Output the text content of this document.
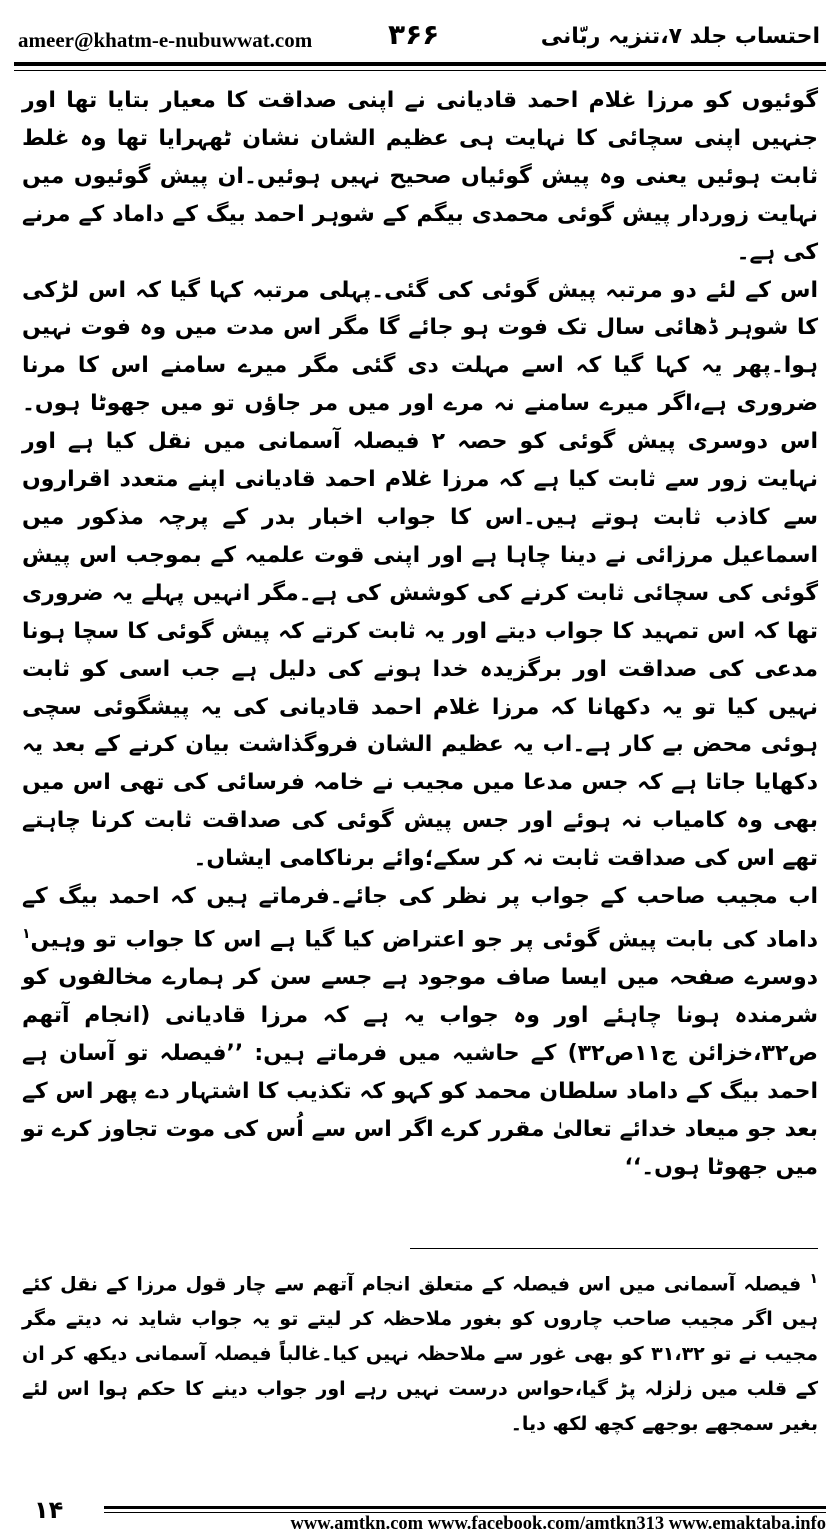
ameer@khatm-e-nubuwwat.com	۳۶۶	احتساب جلد ۷،تنزیہ ربّانی

گوئیوں کو مرزا غلام احمد قادیانی نے اپنی صداقت کا معیار بتایا تھا اور جنہیں اپنی سچائی کا نہایت ہی عظیم الشان نشان ٹھہرایا تھا وہ غلط ثابت ہوئیں یعنی وہ پیش گوئیاں صحیح نہیں ہوئیں۔ان پیش گوئیوں میں نہایت زوردار پیش گوئی محمدی بیگم کے شوہر احمد بیگ کے داماد کے مرنے کی ہے۔

اس کے لئے دو مرتبہ پیش گوئی کی گئی۔پہلی مرتبہ کہا گیا کہ اس لڑکی کا شوہر ڈھائی سال تک فوت ہو جائے گا مگر اس مدت میں وہ فوت نہیں ہوا۔پھر یہ کہا گیا کہ اسے مہلت دی گئی مگر میرے سامنے اس کا مرنا ضروری ہے،اگر میرے سامنے نہ مرے اور میں مر جاؤں تو میں جھوٹا ہوں۔اس دوسری پیش گوئی کو حصہ ۲ فیصلہ آسمانی میں نقل کیا ہے اور نہایت زور سے ثابت کیا ہے کہ مرزا غلام احمد قادیانی اپنے متعدد اقراروں سے کاذب ثابت ہوتے ہیں۔اس کا جواب اخبار بدر کے پرچہ مذکور میں اسماعیل مرزائی نے دینا چاہا ہے اور اپنی قوت علمیہ کے بموجب اس پیش گوئی کی سچائی ثابت کرنے کی کوشش کی ہے۔مگر انہیں پہلے یہ ضروری تھا کہ اس تمہید کا جواب دیتے اور یہ ثابت کرتے کہ پیش گوئی کا سچا ہونا مدعی کی صداقت اور برگزیدہ خدا ہونے کی دلیل ہے جب اسی کو ثابت نہیں کیا تو یہ دکھانا کہ مرزا غلام احمد قادیانی کی یہ پیشگوئی سچی ہوئی محض بے کار ہے۔اب یہ عظیم الشان فروگذاشت بیان کرنے کے بعد یہ دکھایا جاتا ہے کہ جس مدعا میں مجیب نے خامہ فرسائی کی تھی اس میں بھی وہ کامیاب نہ ہوئے اور جس پیش گوئی کی صداقت ثابت کرنا چاہتے تھے اس کی صداقت ثابت نہ کر سکے؛وائے برناکامی ایشاں۔

اب مجیب صاحب کے جواب پر نظر کی جائے۔فرماتے ہیں کہ احمد بیگ کے داماد کی بابت پیش گوئی پر جو اعتراض کیا گیا ہے اس کا جواب تو وہیں$^۱$ دوسرے صفحہ میں ایسا صاف موجود ہے جسے سن کر ہمارے مخالفوں کو شرمندہ ہونا چاہئے اور وہ جواب یہ ہے کہ مرزا قادیانی (انجام آتھم ص۳۲،خزائن ج۱۱ص۳۲) کے حاشیہ میں فرماتے ہیں: ’’فیصلہ تو آسان ہے احمد بیگ کے داماد سلطان محمد کو کہو کہ تکذیب کا اشتہار دے پھر اس کے بعد جو میعاد خدائے تعالیٰ مقرر کرے اگر اس سے اُس کی موت تجاوز کرے تو میں جھوٹا ہوں۔‘‘

$^۱$ فیصلہ آسمانی میں اس فیصلہ کے متعلق انجام آتھم سے چار قول مرزا کے نقل کئے ہیں اگر مجیب صاحب چاروں کو بغور ملاحظہ کر لیتے تو یہ جواب شاید نہ دیتے مگر مجیب نے تو ۳۱،۳۲ کو بھی غور سے ملاحظہ نہیں کیا۔غالباً فیصلہ آسمانی دیکھ کر ان کے قلب میں زلزلہ پڑ گیا،حواس درست نہیں رہے اور جواب دینے کا حکم ہوا اس لئے بغیر سمجھے بوجھے کچھ لکھ دیا۔

۱۴	www.amtkn.com www.facebook.com/amtkn313 www.emaktaba.info
